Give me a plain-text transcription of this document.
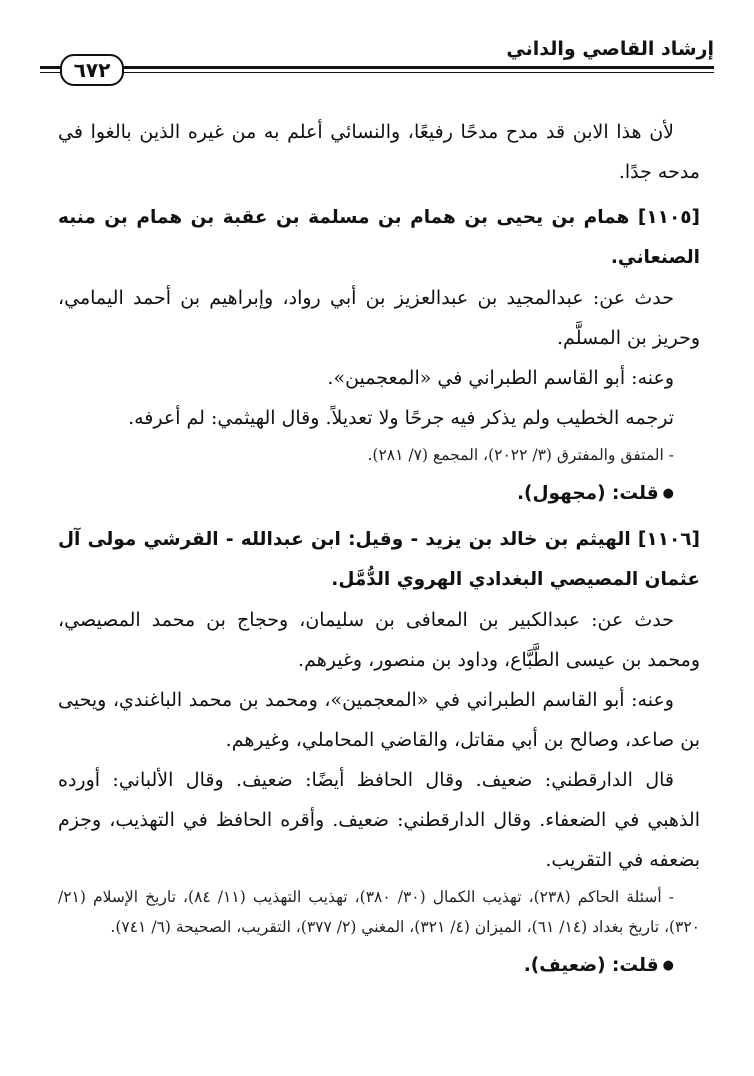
إرشاد القاصي والداني
٦٧٢

لأن هذا الابن قد مدح مدحًا رفيعًا، والنسائي أعلم به من غيره الذين بالغوا في مدحه جدًا.

[١١٠٥] همام بن يحيى بن همام بن مسلمة بن عقبة بن همام بن منبه الصنعاني.

حدث عن: عبدالمجيد بن عبدالعزيز بن أبي رواد، وإبراهيم بن أحمد اليمامي، وحريز بن المسلَّم.

وعنه: أبو القاسم الطبراني في «المعجمين».

ترجمه الخطيب ولم يذكر فيه جرحًا ولا تعديلاً. وقال الهيثمي: لم أعرفه.

- المتفق والمفترق (٣/ ٢٠٢٢)، المجمع (٧/ ٢٨١).

●قلت: (مجهول).

[١١٠٦] الهيثم بن خالد بن يزيد - وقيل: ابن عبدالله - القرشي مولى آل عثمان المصيصي البغدادي الهروي الدُّمَّل.

حدث عن: عبدالكبير بن المعافى بن سليمان، وحجاج بن محمد المصيصي، ومحمد بن عيسى الطَّبَّاع، وداود بن منصور، وغيرهم.

وعنه: أبو القاسم الطبراني في «المعجمين»، ومحمد بن محمد الباغندي، ويحيى بن صاعد، وصالح بن أبي مقاتل، والقاضي المحاملي، وغيرهم.

قال الدارقطني: ضعيف. وقال الحافظ أيضًا: ضعيف. وقال الألباني: أورده الذهبي في الضعفاء. وقال الدارقطني: ضعيف. وأقره الحافظ في التهذيب، وجزم بضعفه في التقريب.

- أسئلة الحاكم (٢٣٨)، تهذيب الكمال (٣٠/ ٣٨٠)، تهذيب التهذيب (١١/ ٨٤)، تاريخ الإسلام (٢١/ ٣٢٠)، تاريخ بغداد (١٤/ ٦١)، الميزان (٤/ ٣٢١)، المغني (٢/ ٣٧٧)، التقريب، الصحيحة (٦/ ٧٤١).

●قلت: (ضعيف).
